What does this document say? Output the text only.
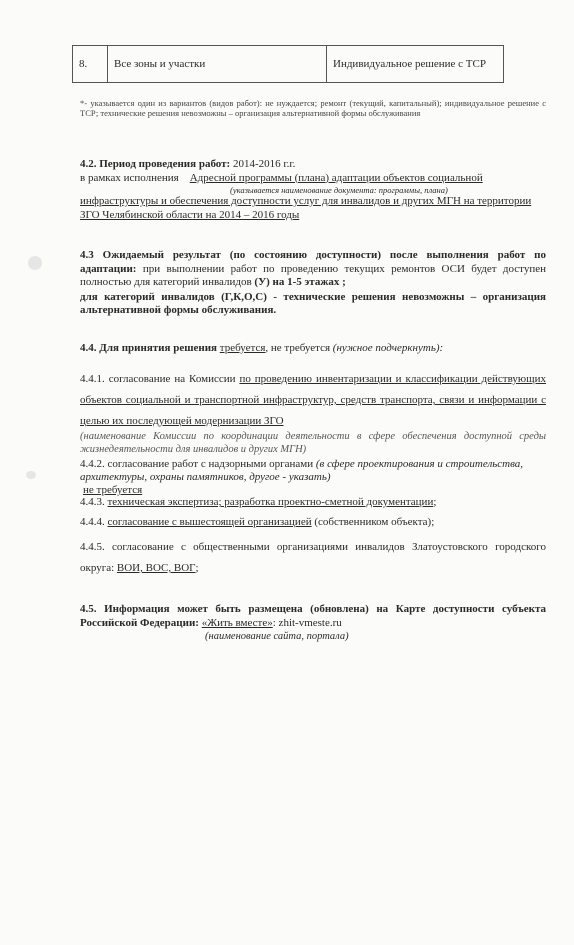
8.	Все зоны и участки	Индивидуальное решение с ТСР
*- указывается один из вариантов (видов работ): не нуждается; ремонт (текущий, капитальный); индивидуальное решение с ТСР; технические решения невозможны – организация альтернативной формы обслуживания
4.2. Период проведения работ: 2014-2016 г.г.
в рамках исполнения Адресной программы (плана) адаптации объектов социальной
(указывается наименование документа: программы, плана)
инфраструктуры и обеспечения доступности услуг для инвалидов и других МГН на территории
ЗГО Челябинской области на 2014 – 2016 годы
4.3 Ожидаемый результат (по состоянию доступности) после выполнения работ по адаптации: при выполнении работ по проведению текущих ремонтов ОСИ будет доступен полностью для категорий инвалидов (У) на 1-5 этажах ;
для категорий инвалидов (Г,К,О,С) - технические решения невозможны – организация альтернативной формы обслуживания.
4.4. Для принятия решения требуется, не требуется (нужное подчеркнуть):
4.4.1. согласование на Комиссии по проведению инвентаризации и классификации действующих объектов социальной и транспортной инфраструктур, средств транспорта, связи и информации с целью их последующей модернизации ЗГО
(наименование Комиссии по координации деятельности в сфере обеспечения доступной среды жизнедеятельности для инвалидов и других МГН)
4.4.2. согласование работ с надзорными органами (в сфере проектирования и строительства, архитектуры, охраны памятников, другое - указать)
не требуется
4.4.3. техническая экспертиза; разработка проектно-сметной документации;
4.4.4. согласование с вышестоящей организацией (собственником объекта);
4.4.5. согласование с общественными организациями инвалидов Златоустовского городского округа: ВОИ, ВОС, ВОГ;
4.5. Информация может быть размещена (обновлена) на Карте доступности субъекта Российской Федерации: «Жить вместе»: zhit-vmeste.ru
(наименование сайта, портала)
